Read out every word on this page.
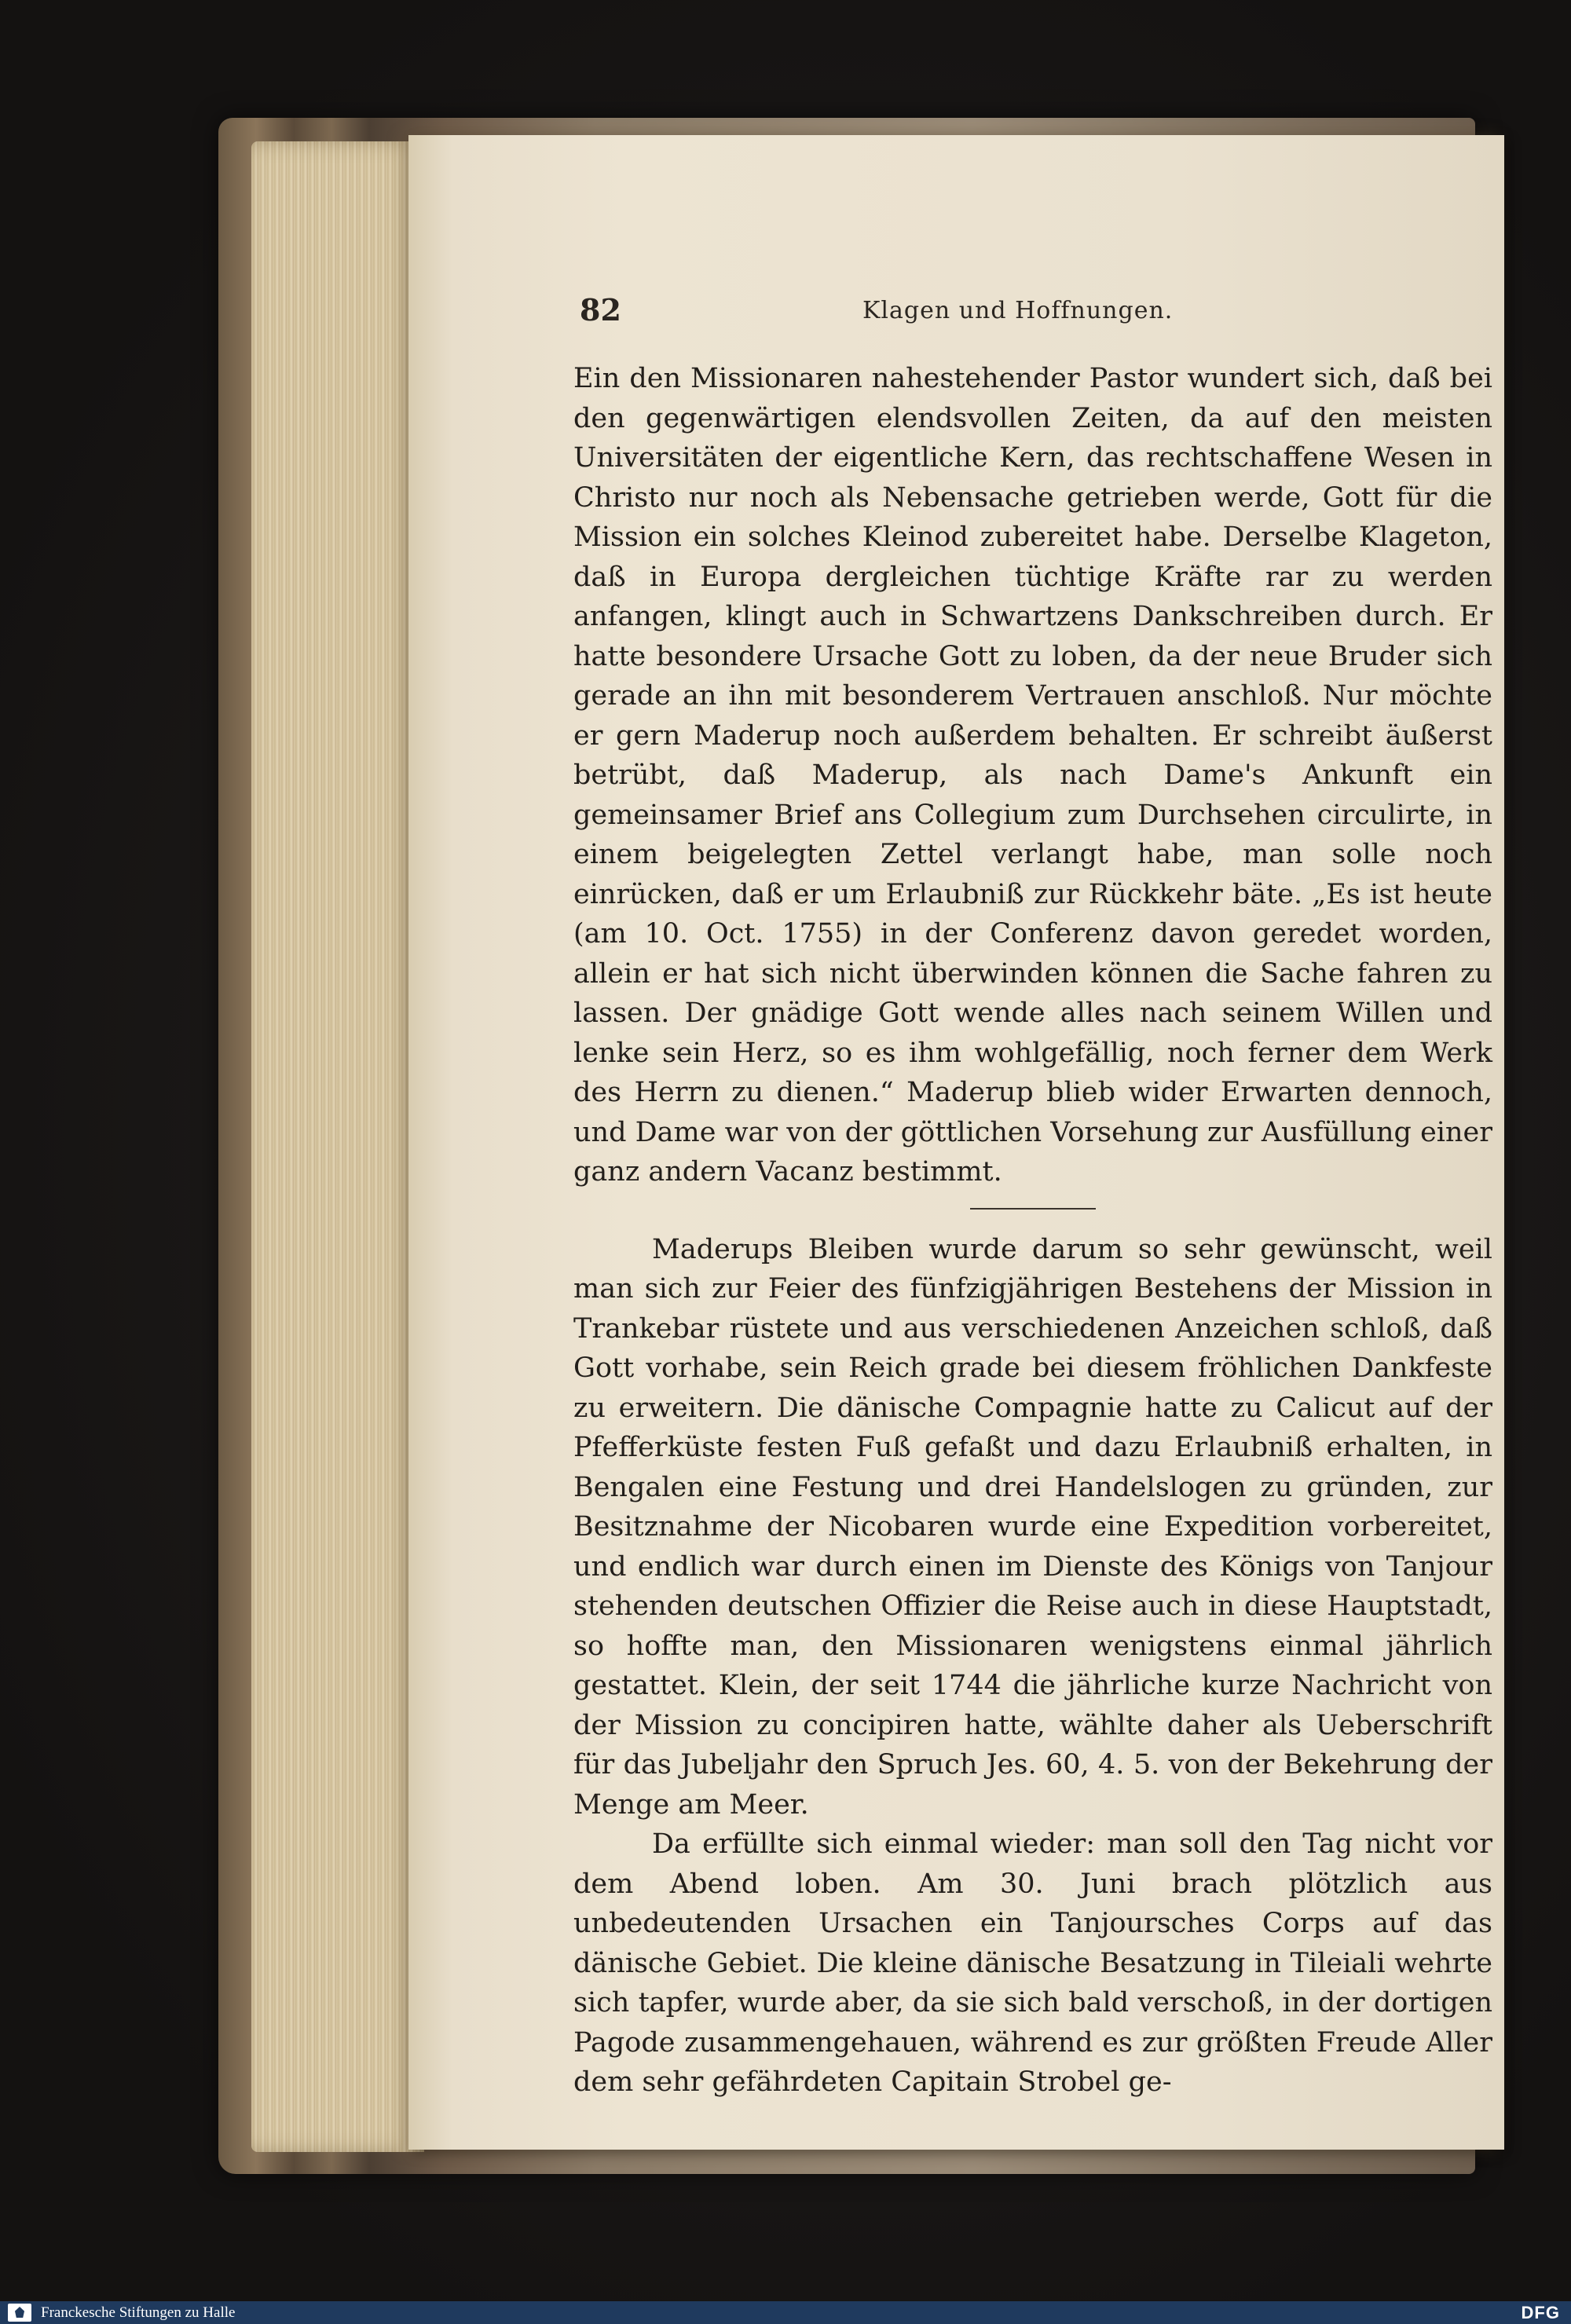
82	Klagen und Hoffnungen.

Ein den Missionaren nahestehender Pastor wundert sich, daß bei den gegenwärtigen elendsvollen Zeiten, da auf den meisten Universitäten der eigentliche Kern, das rechtschaffene Wesen in Christo nur noch als Nebensache getrieben werde, Gott für die Mission ein solches Kleinod zubereitet habe. Derselbe Klageton, daß in Europa dergleichen tüchtige Kräfte rar zu werden anfangen, klingt auch in Schwartzens Dankschreiben durch. Er hatte besondere Ursache Gott zu loben, da der neue Bruder sich gerade an ihn mit besonderem Vertrauen anschloß. Nur möchte er gern Maderup noch außerdem behalten. Er schreibt äußerst betrübt, daß Maderup, als nach Dame's Ankunft ein gemeinsamer Brief ans Collegium zum Durchsehen circulirte, in einem beigelegten Zettel verlangt habe, man solle noch einrücken, daß er um Erlaubniß zur Rückkehr bäte. „Es ist heute (am 10. Oct. 1755) in der Conferenz davon geredet worden, allein er hat sich nicht überwinden können die Sache fahren zu lassen. Der gnädige Gott wende alles nach seinem Willen und lenke sein Herz, so es ihm wohlgefällig, noch ferner dem Werk des Herrn zu dienen.“ Maderup blieb wider Erwarten dennoch, und Dame war von der göttlichen Vorsehung zur Ausfüllung einer ganz andern Vacanz bestimmt.

Maderups Bleiben wurde darum so sehr gewünscht, weil man sich zur Feier des fünfzigjährigen Bestehens der Mission in Trankebar rüstete und aus verschiedenen Anzeichen schloß, daß Gott vorhabe, sein Reich grade bei diesem fröhlichen Dankfeste zu erweitern. Die dänische Compagnie hatte zu Calicut auf der Pfefferküste festen Fuß gefaßt und dazu Erlaubniß erhalten, in Bengalen eine Festung und drei Handelslogen zu gründen, zur Besitznahme der Nicobaren wurde eine Expedition vorbereitet, und endlich war durch einen im Dienste des Königs von Tanjour stehenden deutschen Offizier die Reise auch in diese Hauptstadt, so hoffte man, den Missionaren wenigstens einmal jährlich gestattet. Klein, der seit 1744 die jährliche kurze Nachricht von der Mission zu concipiren hatte, wählte daher als Ueberschrift für das Jubeljahr den Spruch Jes. 60, 4. 5. von der Bekehrung der Menge am Meer.

Da erfüllte sich einmal wieder: man soll den Tag nicht vor dem Abend loben. Am 30. Juni brach plötzlich aus unbedeutenden Ursachen ein Tanjoursches Corps auf das dänische Gebiet. Die kleine dänische Besatzung in Tileiali wehrte sich tapfer, wurde aber, da sie sich bald verschoß, in der dortigen Pagode zusammengehauen, während es zur größten Freude Aller dem sehr gefährdeten Capitain Strobel ge-

Franckesche Stiftungen zu Halle	DFG
